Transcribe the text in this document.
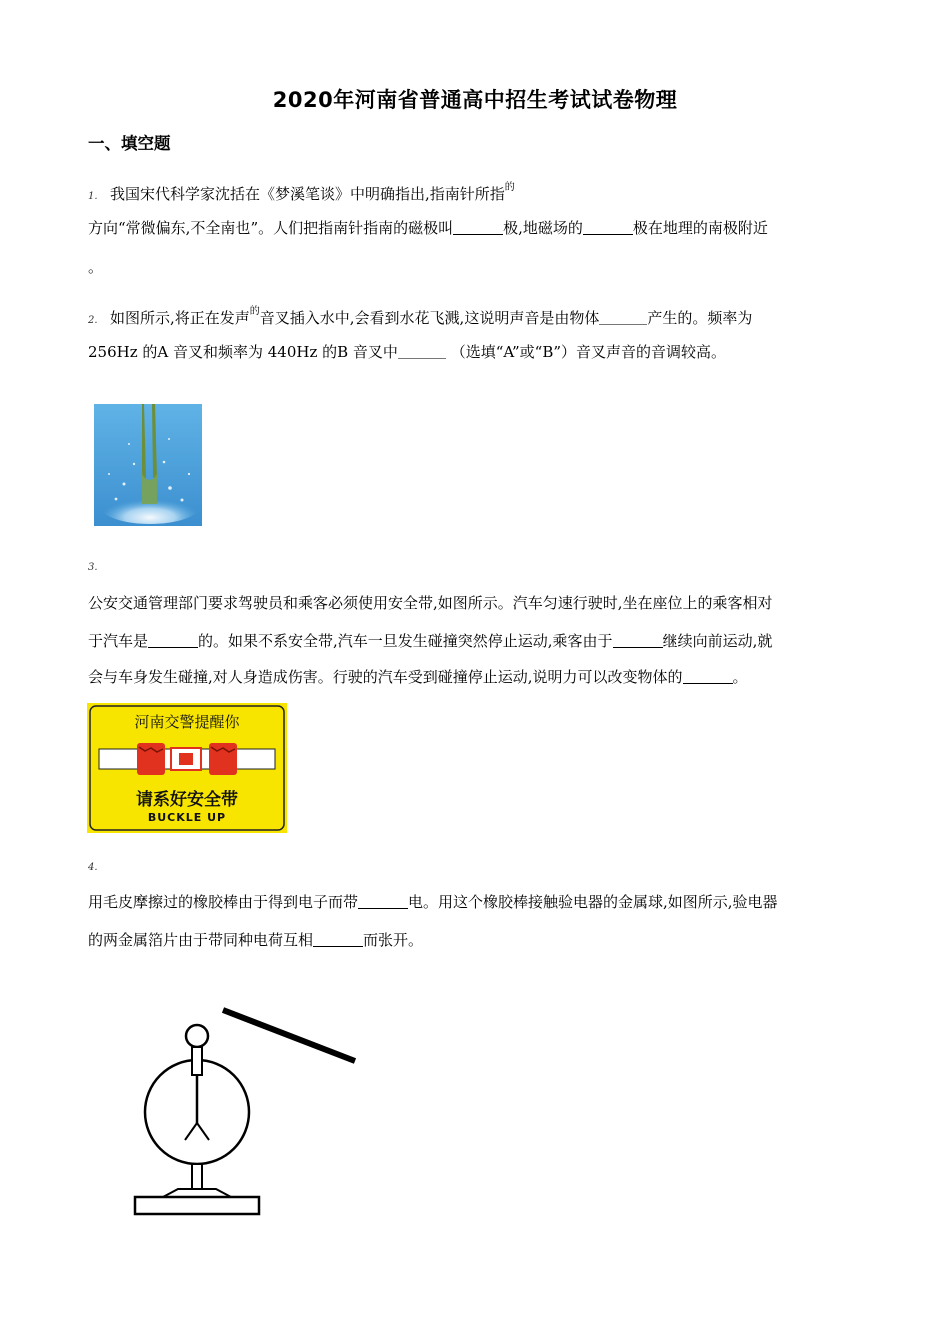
2020年河南省普通高中招生考试试卷物理
一、填空题
1. 我国宋代科学家沈括在《梦溪笔谈》中明确指出,指南针所指$^的$
方向“常微偏东,不全南也”。人们把指南针指南的磁极叫	极,地磁场的	极在地理的南极附近
。
2. 如图所示,将正在发声$^的$音叉插入水中,会看到水花飞溅,这说明声音是由物体	产生的。频率为
256Hz 的A 音叉和频率为 440Hz 的B 音叉中	（选填“A”或“B”）音叉声音的音调较高。
3.
公安交通管理部门要求驾驶员和乘客必须使用安全带,如图所示。汽车匀速行驶时,坐在座位上的乘客相对
于汽车是	的。如果不系安全带,汽车一旦发生碰撞突然停止运动,乘客由于	继续向前运动,就
会与车身发生碰撞,对人身造成伤害。行驶的汽车受到碰撞停止运动,说明力可以改变物体的	。
河南交警提醒你
请系好安全带
BUCKLE UP
4.
用毛皮摩擦过的橡胶棒由于得到电子而带	电。用这个橡胶棒接触验电器的金属球,如图所示,验电器
的两金属箔片由于带同种电荷互相	而张开。
